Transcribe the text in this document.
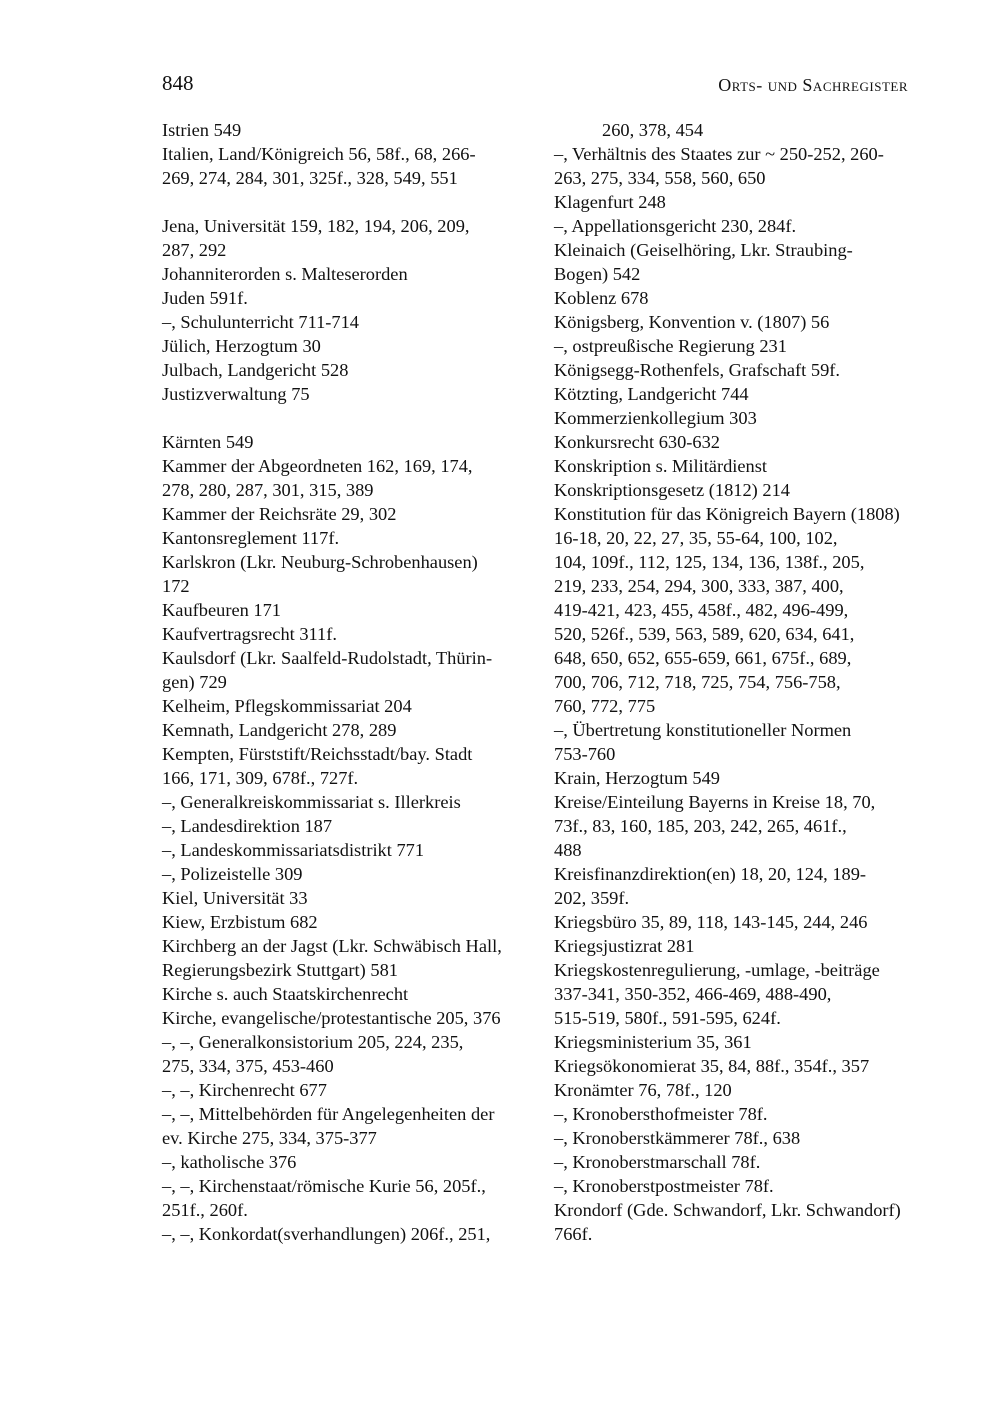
848	Orts- und Sachregister
Istrien 549
Italien, Land/Königreich 56, 58f., 68, 266-
269, 274, 284, 301, 325f., 328, 549, 551
Jena, Universität 159, 182, 194, 206, 209,
287, 292
Johanniterorden s. Malteserorden
Juden 591f.
–, Schulunterricht 711-714
Jülich, Herzogtum 30
Julbach, Landgericht 528
Justizverwaltung 75
Kärnten 549
Kammer der Abgeordneten 162, 169, 174,
278, 280, 287, 301, 315, 389
Kammer der Reichsräte 29, 302
Kantonsreglement 117f.
Karlskron (Lkr. Neuburg-Schrobenhausen)
172
Kaufbeuren 171
Kaufvertragsrecht 311f.
Kaulsdorf (Lkr. Saalfeld-Rudolstadt, Thürin-
gen) 729
Kelheim, Pflegskommissariat 204
Kemnath, Landgericht 278, 289
Kempten, Fürststift/Reichsstadt/bay. Stadt
166, 171, 309, 678f., 727f.
–, Generalkreiskommissariat s. Illerkreis
–, Landesdirektion 187
–, Landeskommissariatsdistrikt 771
–, Polizeistelle 309
Kiel, Universität 33
Kiew, Erzbistum 682
Kirchberg an der Jagst (Lkr. Schwäbisch Hall,
Regierungsbezirk Stuttgart) 581
Kirche s. auch Staatskirchenrecht
Kirche, evangelische/protestantische 205, 376
–, –, Generalkonsistorium 205, 224, 235,
275, 334, 375, 453-460
–, –, Kirchenrecht 677
–, –, Mittelbehörden für Angelegenheiten der
ev. Kirche 275, 334, 375-377
–, katholische 376
–, –, Kirchenstaat/römische Kurie 56, 205f.,
251f., 260f.
–, –, Konkordat(sverhandlungen) 206f., 251,
260, 378, 454
–, Verhältnis des Staates zur ~ 250-252, 260-
263, 275, 334, 558, 560, 650
Klagenfurt 248
–, Appellationsgericht 230, 284f.
Kleinaich (Geiselhöring, Lkr. Straubing-
Bogen) 542
Koblenz 678
Königsberg, Konvention v. (1807) 56
–, ostpreußische Regierung 231
Königsegg-Rothenfels, Grafschaft 59f.
Kötzting, Landgericht 744
Kommerzienkollegium 303
Konkursrecht 630-632
Konskription s. Militärdienst
Konskriptionsgesetz (1812) 214
Konstitution für das Königreich Bayern (1808)
16-18, 20, 22, 27, 35, 55-64, 100, 102,
104, 109f., 112, 125, 134, 136, 138f., 205,
219, 233, 254, 294, 300, 333, 387, 400,
419-421, 423, 455, 458f., 482, 496-499,
520, 526f., 539, 563, 589, 620, 634, 641,
648, 650, 652, 655-659, 661, 675f., 689,
700, 706, 712, 718, 725, 754, 756-758,
760, 772, 775
–, Übertretung konstitutioneller Normen
753-760
Krain, Herzogtum 549
Kreise/Einteilung Bayerns in Kreise 18, 70,
73f., 83, 160, 185, 203, 242, 265, 461f.,
488
Kreisfinanzdirektion(en) 18, 20, 124, 189-
202, 359f.
Kriegsbüro 35, 89, 118, 143-145, 244, 246
Kriegsjustizrat 281
Kriegskostenregulierung, -umlage, -beiträge
337-341, 350-352, 466-469, 488-490,
515-519, 580f., 591-595, 624f.
Kriegsministerium 35, 361
Kriegsökonomierat 35, 84, 88f., 354f., 357
Kronämter 76, 78f., 120
–, Kronobersthofmeister 78f.
–, Kronoberstkämmerer 78f., 638
–, Kronoberstmarschall 78f.
–, Kronoberstpostmeister 78f.
Krondorf (Gde. Schwandorf, Lkr. Schwandorf)
766f.
